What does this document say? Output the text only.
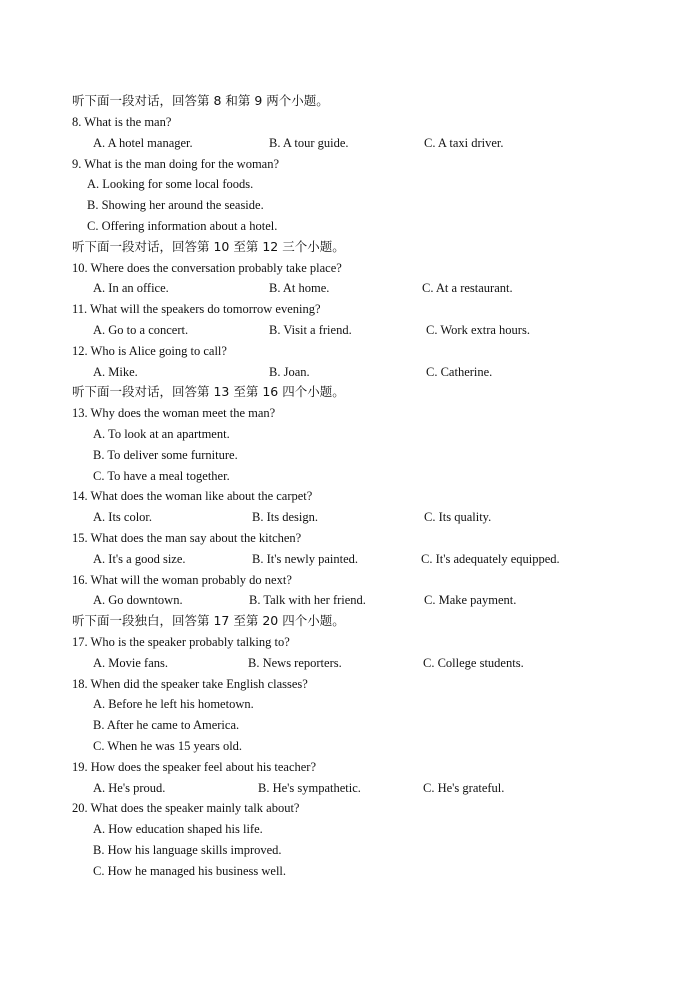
听下面一段对话，回答第 8 和第 9 两个小题。
8. What is the man?
A. A hotel manager.	B. A tour guide.	C. A taxi driver.
9. What is the man doing for the woman?
A. Looking for some local foods.
B. Showing her around the seaside.
C. Offering information about a hotel.
听下面一段对话，回答第 10 至第 12 三个小题。
10. Where does the conversation probably take place?
A. In an office.	B. At home.	C. At a restaurant.
11. What will the speakers do tomorrow evening?
A. Go to a concert.	B. Visit a friend.	C. Work extra hours.
12. Who is Alice going to call?
A. Mike.	B. Joan.	C. Catherine.
听下面一段对话，回答第 13 至第 16 四个小题。
13. Why does the woman meet the man?
A. To look at an apartment.
B. To deliver some furniture.
C. To have a meal together.
14. What does the woman like about the carpet?
A. Its color.	B. Its design.	C. Its quality.
15. What does the man say about the kitchen?
A. It's a good size.	B. It's newly painted.	C. It's adequately equipped.
16. What will the woman probably do next?
A. Go downtown.	B. Talk with her friend.	C. Make payment.
听下面一段独白，回答第 17 至第 20 四个小题。
17. Who is the speaker probably talking to?
A. Movie fans.	B. News reporters.	C. College students.
18. When did the speaker take English classes?
A. Before he left his hometown.
B. After he came to America.
C. When he was 15 years old.
19. How does the speaker feel about his teacher?
A. He's proud.	B. He's sympathetic.	C. He's grateful.
20. What does the speaker mainly talk about?
A. How education shaped his life.
B. How his language skills improved.
C. How he managed his business well.
